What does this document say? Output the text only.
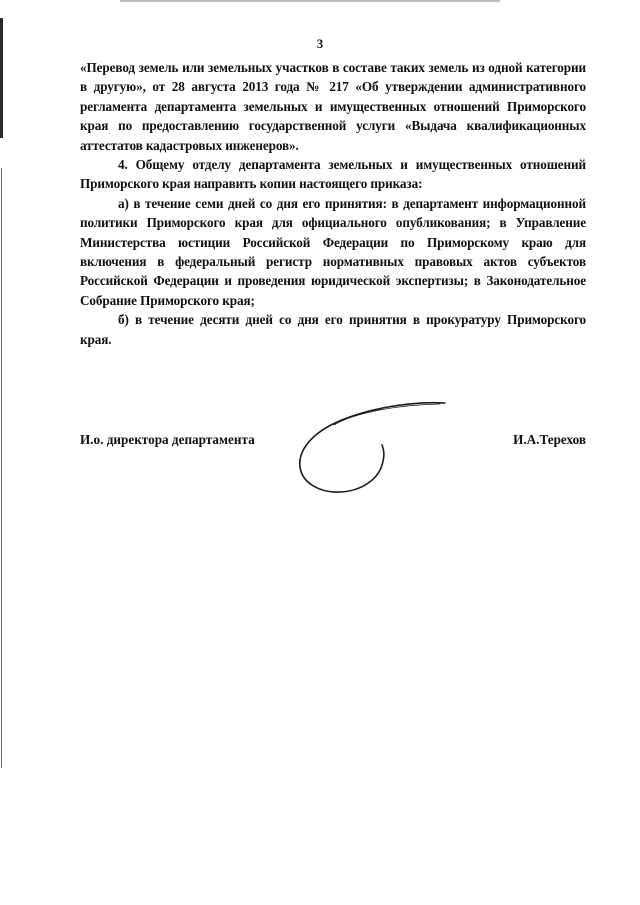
3

«Перевод земель или земельных участков в составе таких земель из одной категории в другую», от 28 августа 2013 года № 217 «Об утверждении административного регламента департамента земельных и имущественных отношений Приморского края по предоставлению государственной услуги «Выдача квалификационных аттестатов кадастровых инженеров».

4. Общему отделу департамента земельных и имущественных отношений Приморского края направить копии настоящего приказа:

а) в течение семи дней со дня его принятия: в департамент информационной политики Приморского края для официального опубликования; в Управление Министерства юстиции Российской Федерации по Приморскому краю для включения в федеральный регистр нормативных правовых актов субъектов Российской Федерации и проведения юридической экспертизы; в Законодательное Собрание Приморского края;

б) в течение десяти дней со дня его принятия в прокуратуру Приморского края.

И.о. директора департамента	И.А.Терехов
